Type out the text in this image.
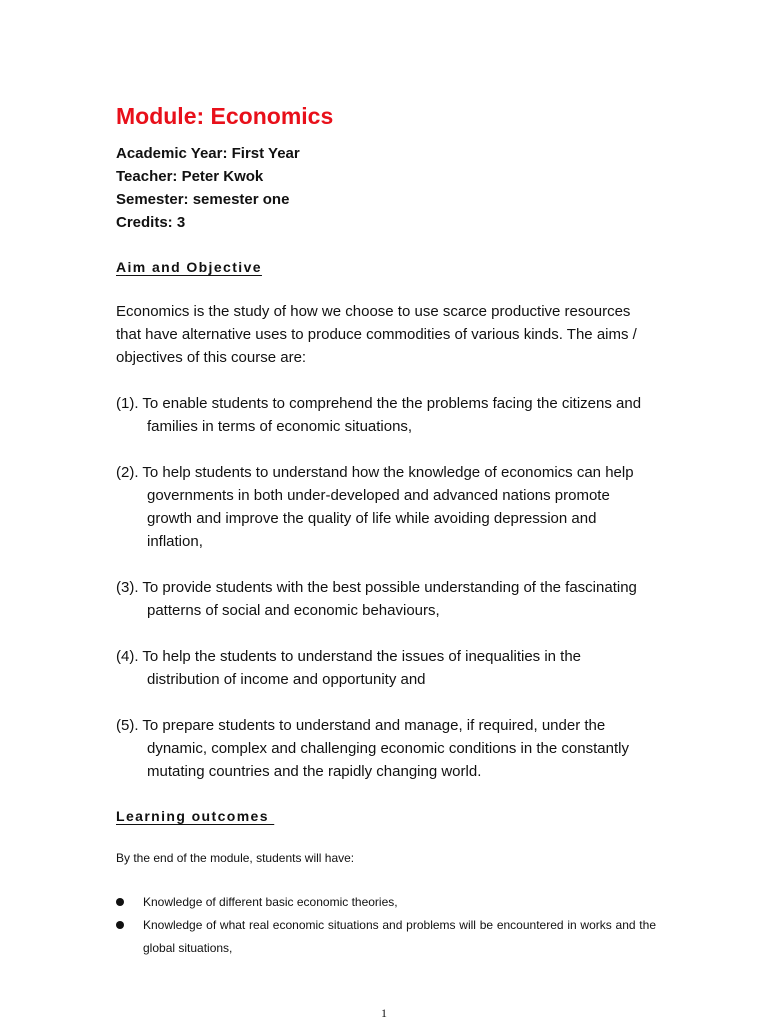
Module: Economics
Academic Year: First Year
Teacher: Peter Kwok
Semester: semester one
Credits: 3
Aim and Objective

Economics is the study of how we choose to use scarce productive resources that have alternative uses to produce commodities of various kinds. The aims / objectives of this course are:

(1). To enable students to comprehend the the problems facing the citizens and families in terms of economic situations,
(2). To help students to understand how the knowledge of economics can help governments in both under-developed and advanced nations promote growth and improve the quality of life while avoiding depression and inflation,
(3). To provide students with the best possible understanding of the fascinating patterns of social and economic behaviours,
(4). To help the students to understand the issues of inequalities in the distribution of income and opportunity and
(5). To prepare students to understand and manage, if required, under the dynamic, complex and challenging economic conditions in the constantly mutating countries and the rapidly changing world.
Learning outcomes

By the end of the module, students will have:

Knowledge of different basic economic theories,
Knowledge of what real economic situations and problems will be encountered in works and the global situations,
1
